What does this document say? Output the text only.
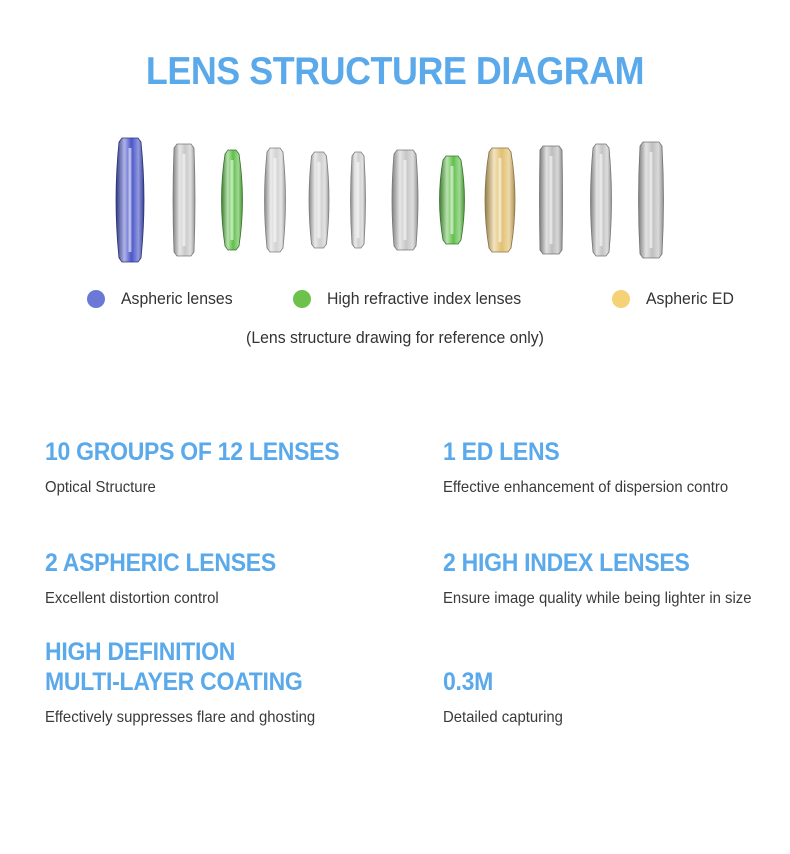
LENS STRUCTURE DIAGRAM
Aspheric lenses	High refractive index lenses	Aspheric ED
(Lens structure drawing for reference only)
10 GROUPS OF 12 LENSES
Optical Structure
1 ED LENS
Effective enhancement of dispersion contro
2 ASPHERIC LENSES
Excellent distortion control
2 HIGH INDEX LENSES
Ensure image quality while being lighter in size
HIGH DEFINITION
MULTI-LAYER COATING
Effectively suppresses flare and ghosting
0.3M
Detailed capturing
